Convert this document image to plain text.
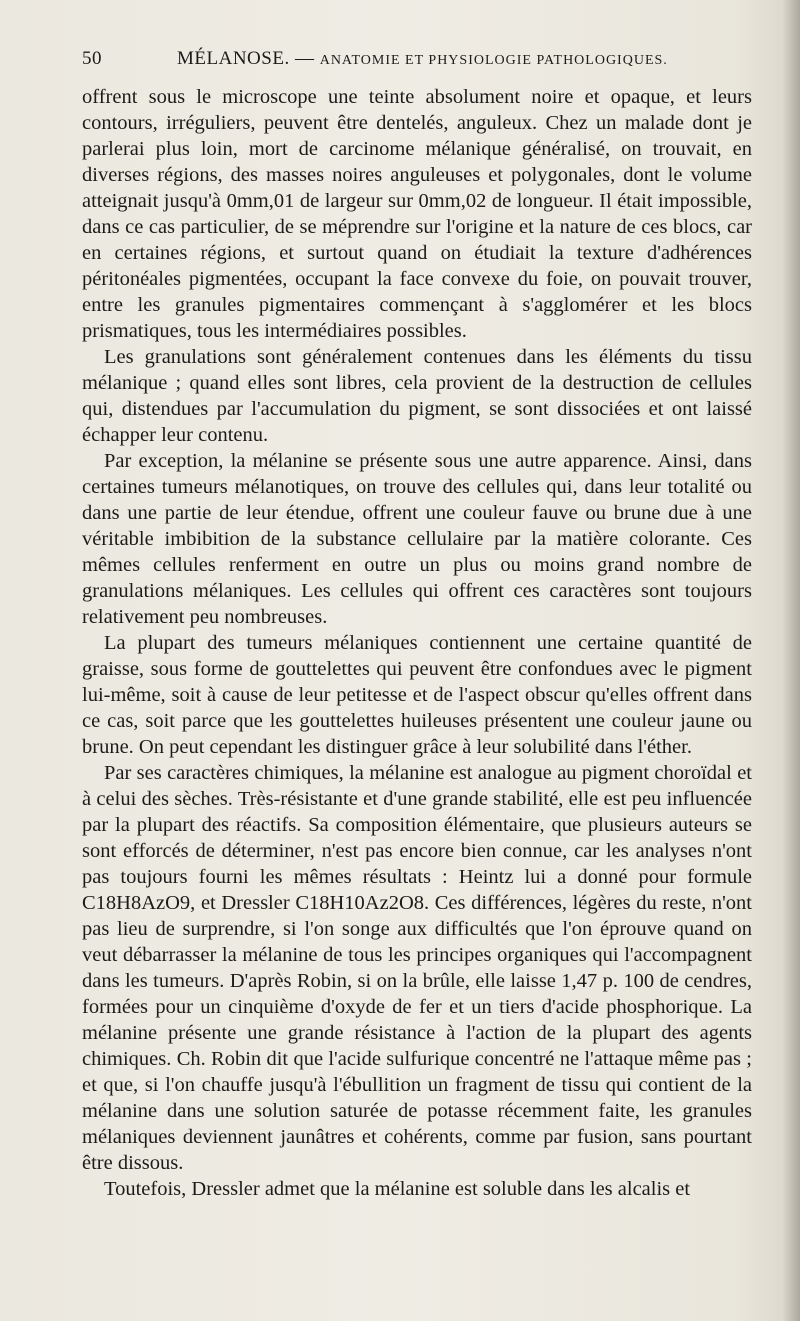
50	MÉLANOSE. — ANATOMIE ET PHYSIOLOGIE PATHOLOGIQUES.

offrent sous le microscope une teinte absolument noire et opaque, et leurs contours, irréguliers, peuvent être dentelés, anguleux. Chez un malade dont je parlerai plus loin, mort de carcinome mélanique généralisé, on trouvait, en diverses régions, des masses noires anguleuses et polygonales, dont le volume atteignait jusqu'à 0mm,01 de largeur sur 0mm,02 de longueur. Il était impossible, dans ce cas particulier, de se méprendre sur l'origine et la nature de ces blocs, car en certaines régions, et surtout quand on étudiait la texture d'adhérences péritonéales pigmentées, occupant la face convexe du foie, on pouvait trouver, entre les granules pigmentaires commençant à s'agglomérer et les blocs prismatiques, tous les intermédiaires possibles.

Les granulations sont généralement contenues dans les éléments du tissu mélanique ; quand elles sont libres, cela provient de la destruction de cellules qui, distendues par l'accumulation du pigment, se sont dissociées et ont laissé échapper leur contenu.

Par exception, la mélanine se présente sous une autre apparence. Ainsi, dans certaines tumeurs mélanotiques, on trouve des cellules qui, dans leur totalité ou dans une partie de leur étendue, offrent une couleur fauve ou brune due à une véritable imbibition de la substance cellulaire par la matière colorante. Ces mêmes cellules renferment en outre un plus ou moins grand nombre de granulations mélaniques. Les cellules qui offrent ces caractères sont toujours relativement peu nombreuses.

La plupart des tumeurs mélaniques contiennent une certaine quantité de graisse, sous forme de gouttelettes qui peuvent être confondues avec le pigment lui-même, soit à cause de leur petitesse et de l'aspect obscur qu'elles offrent dans ce cas, soit parce que les gouttelettes huileuses présentent une couleur jaune ou brune. On peut cependant les distinguer grâce à leur solubilité dans l'éther.

Par ses caractères chimiques, la mélanine est analogue au pigment choroïdal et à celui des sèches. Très-résistante et d'une grande stabilité, elle est peu influencée par la plupart des réactifs. Sa composition élémentaire, que plusieurs auteurs se sont efforcés de déterminer, n'est pas encore bien connue, car les analyses n'ont pas toujours fourni les mêmes résultats : Heintz lui a donné pour formule C18H8AzO9, et Dressler C18H10Az2O8. Ces différences, légères du reste, n'ont pas lieu de surprendre, si l'on songe aux difficultés que l'on éprouve quand on veut débarrasser la mélanine de tous les principes organiques qui l'accompagnent dans les tumeurs. D'après Robin, si on la brûle, elle laisse 1,47 p. 100 de cendres, formées pour un cinquième d'oxyde de fer et un tiers d'acide phosphorique. La mélanine présente une grande résistance à l'action de la plupart des agents chimiques. Ch. Robin dit que l'acide sulfurique concentré ne l'attaque même pas ; et que, si l'on chauffe jusqu'à l'ébullition un fragment de tissu qui contient de la mélanine dans une solution saturée de potasse récemment faite, les granules mélaniques deviennent jaunâtres et cohérents, comme par fusion, sans pourtant être dissous.

Toutefois, Dressler admet que la mélanine est soluble dans les alcalis et
